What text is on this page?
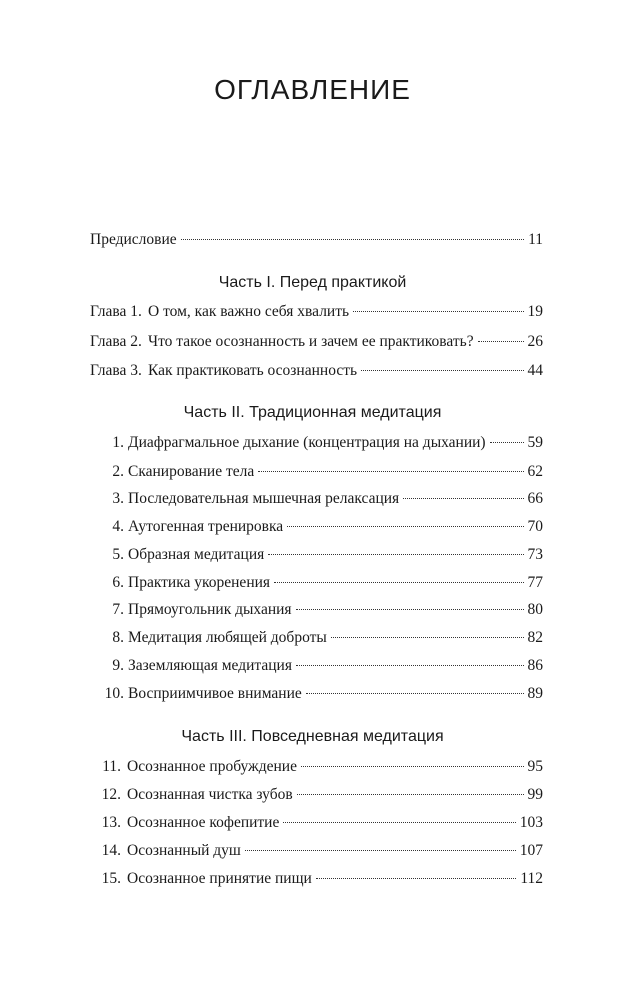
ОГЛАВЛЕНИЕ
Предисловие	11
Часть I. Перед практикой
Глава 1. О том, как важно себя хвалить	19
Глава 2. Что такое осознанность и зачем ее практиковать?	26
Глава 3. Как практиковать осознанность	44
Часть II. Традиционная медитация
1. Диафрагмальное дыхание (концентрация на дыхании)	59
2. Сканирование тела	62
3. Последовательная мышечная релаксация	66
4. Аутогенная тренировка	70
5. Образная медитация	73
6. Практика укоренения	77
7. Прямоугольник дыхания	80
8. Медитация любящей доброты	82
9. Заземляющая медитация	86
10. Восприимчивое внимание	89
Часть III. Повседневная медитация
11. Осознанное пробуждение	95
12. Осознанная чистка зубов	99
13. Осознанное кофепитие	103
14. Осознанный душ	107
15. Осознанное принятие пищи	112
